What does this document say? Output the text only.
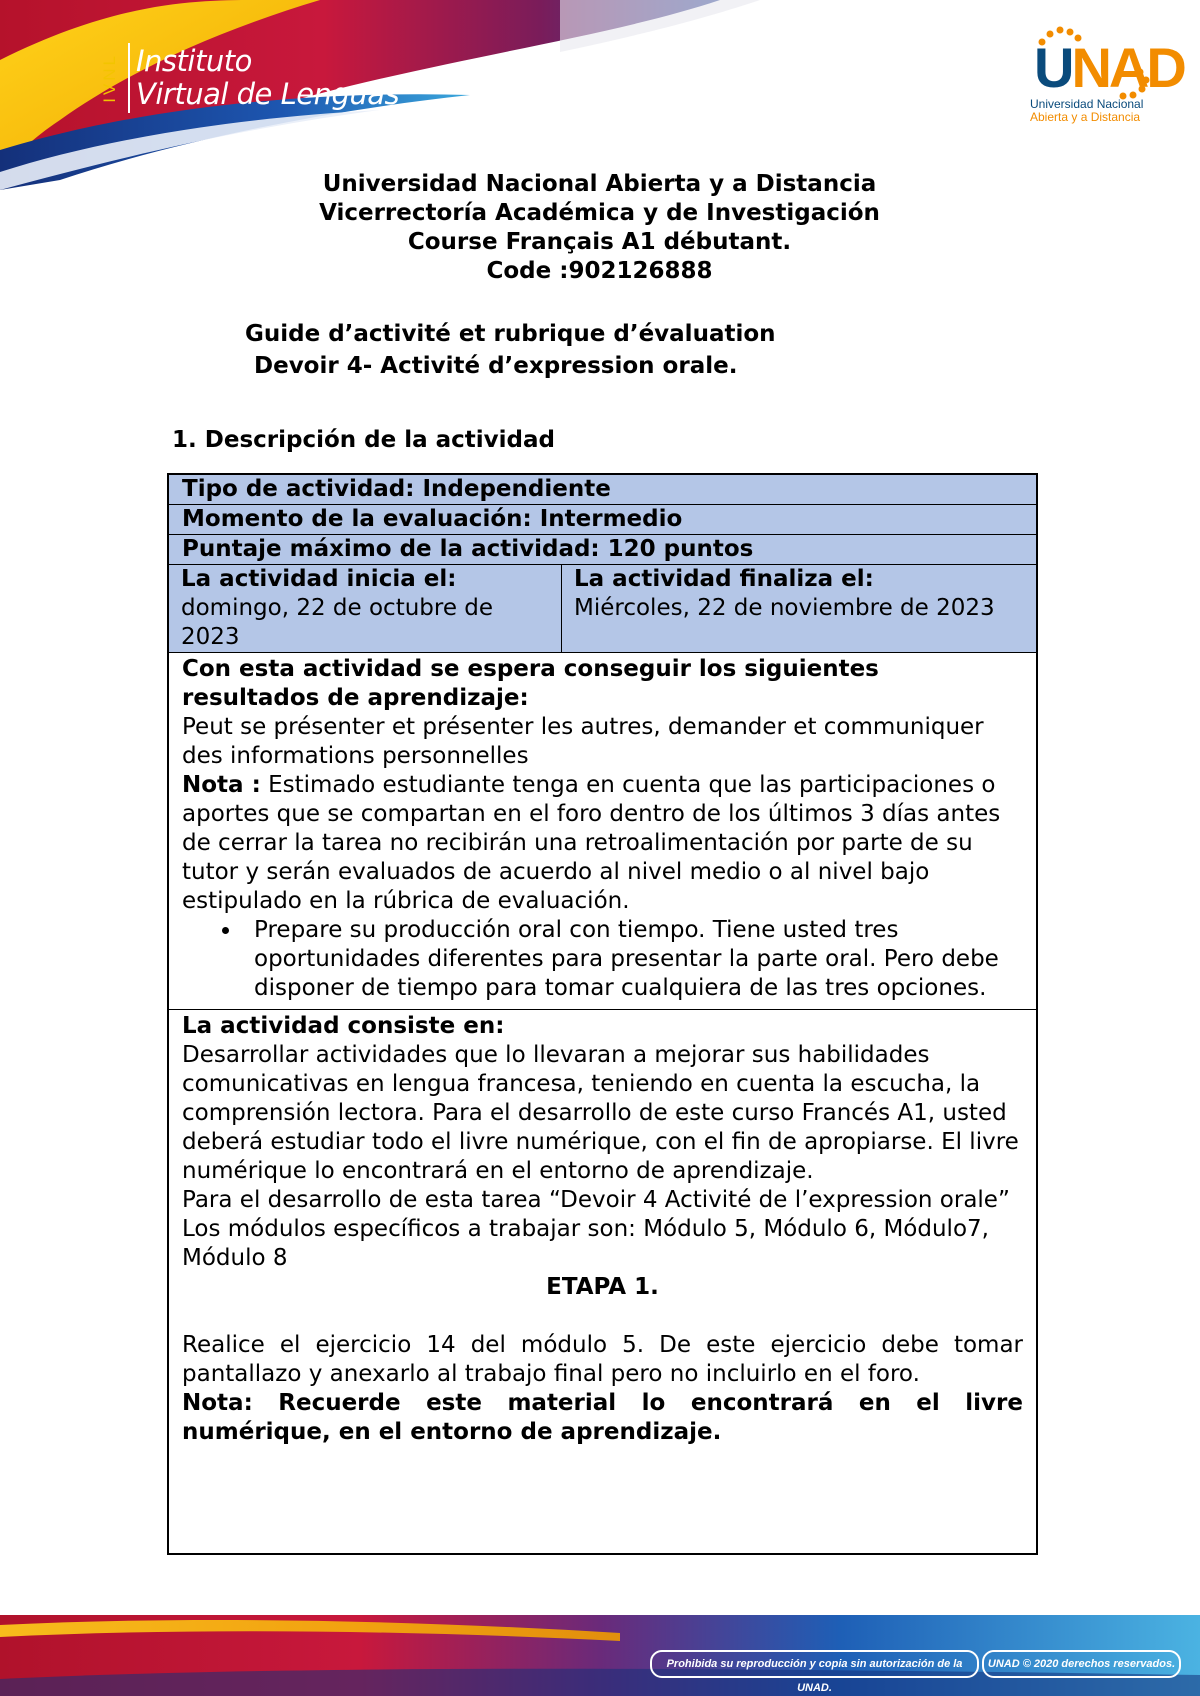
IVNL Instituto
Virtual de Lenguas	UNAD
Universidad Nacional
Abierta y a Distancia
Universidad Nacional Abierta y a Distancia
Vicerrectoría Académica y de Investigación
Course Français A1 débutant.
Code :902126888
Guide d’activité et rubrique d’évaluation
Devoir 4- Activité d’expression orale.
1. Descripción de la actividad
Tipo de actividad: Independiente
Momento de la evaluación: Intermedio
Puntaje máximo de la actividad: 120 puntos
La actividad inicia el:
domingo, 22 de octubre de 2023
La actividad finaliza el:
Miércoles, 22 de noviembre de 2023
Con esta actividad se espera conseguir los siguientes resultados de aprendizaje:
Peut se présenter et présenter les autres, demander et communiquer des informations personnelles
Nota : Estimado estudiante tenga en cuenta que las participaciones o aportes que se compartan en el foro dentro de los últimos 3 días antes de cerrar la tarea no recibirán una retroalimentación por parte de su tutor y serán evaluados de acuerdo al nivel medio o al nivel bajo estipulado en la rúbrica de evaluación.
• Prepare su producción oral con tiempo. Tiene usted tres oportunidades diferentes para presentar la parte oral. Pero debe disponer de tiempo para tomar cualquiera de las tres opciones.
La actividad consiste en:
Desarrollar actividades que lo llevaran a mejorar sus habilidades comunicativas en lengua francesa, teniendo en cuenta la escucha, la comprensión lectora. Para el desarrollo de este curso Francés A1, usted deberá estudiar todo el livre numérique, con el fin de apropiarse. El livre numérique lo encontrará en el entorno de aprendizaje.
Para el desarrollo de esta tarea “Devoir 4 Activité de l’expression orale” Los módulos específicos a trabajar son: Módulo 5, Módulo 6, Módulo7, Módulo 8
ETAPA 1.
Realice el ejercicio 14 del módulo 5. De este ejercicio debe tomar pantallazo y anexarlo al trabajo final pero no incluirlo en el foro.
Nota: Recuerde este material lo encontrará en el livre numérique, en el entorno de aprendizaje.
Prohibida su reproducción y copia sin autorización de la UNAD.
UNAD © 2020 derechos reservados.
